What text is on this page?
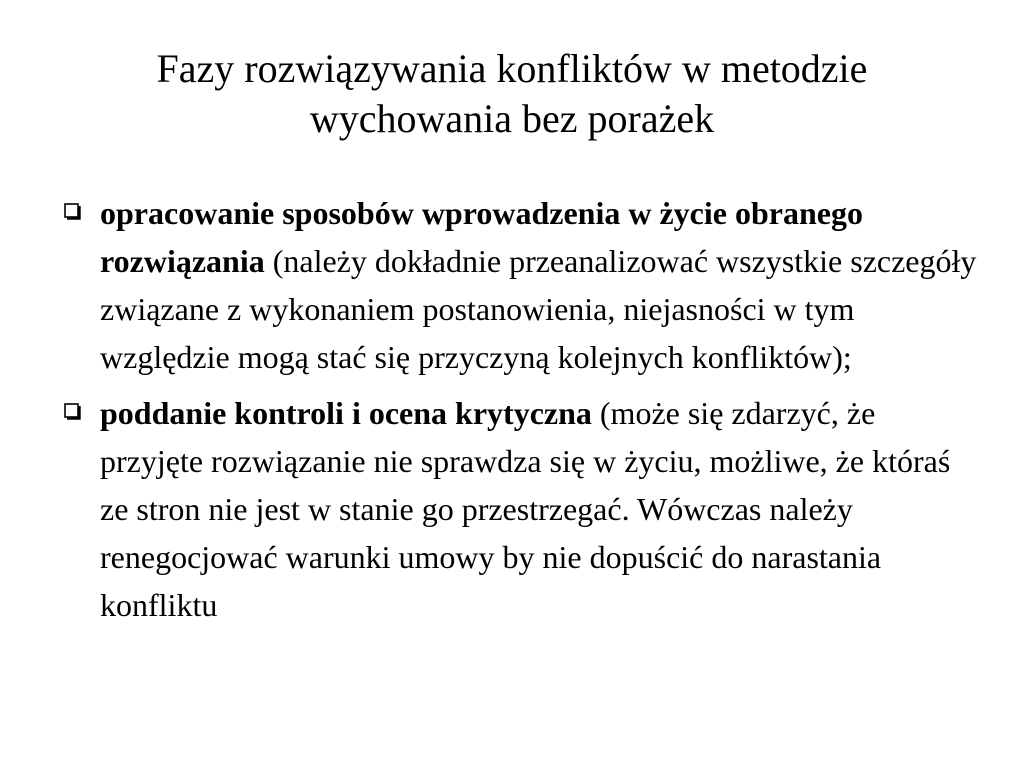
Fazy rozwiązywania konfliktów w metodzie
wychowania bez porażek
opracowanie sposobów wprowadzenia w życie obranego rozwiązania (należy dokładnie przeanalizować wszystkie szczegóły związane z wykonaniem postanowienia, niejasności w tym względzie mogą stać się przyczyną kolejnych konfliktów);
poddanie kontroli i ocena krytyczna (może się zdarzyć, że przyjęte rozwiązanie nie sprawdza się w życiu, możliwe, że któraś ze stron nie jest w stanie go przestrzegać. Wówczas należy renegocjować warunki umowy by nie dopuścić do narastania konfliktu
